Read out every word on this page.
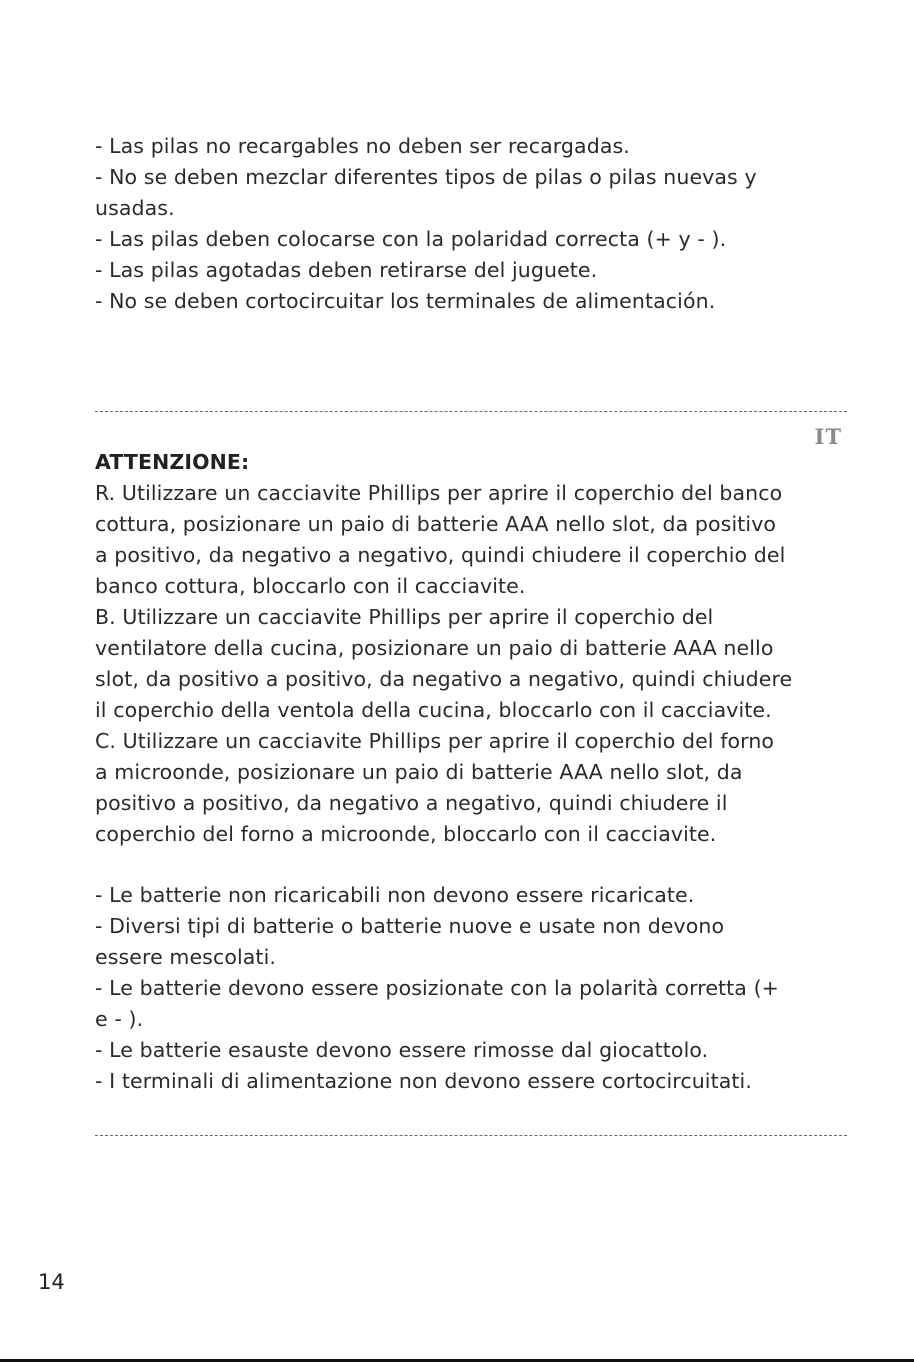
- Las pilas no recargables no deben ser recargadas.
- No se deben mezclar diferentes tipos de pilas o pilas nuevas y
usadas.
- Las pilas deben colocarse con la polaridad correcta (+ y - ).
- Las pilas agotadas deben retirarse del juguete.
- No se deben cortocircuitar los terminales de alimentación.
IT
ATTENZIONE:
R. Utilizzare un cacciavite Phillips per aprire il coperchio del banco
cottura, posizionare un paio di batterie AAA nello slot, da positivo
a positivo, da negativo a negativo, quindi chiudere il coperchio del
banco cottura, bloccarlo con il cacciavite.
B. Utilizzare un cacciavite Phillips per aprire il coperchio del
ventilatore della cucina, posizionare un paio di batterie AAA nello
slot, da positivo a positivo, da negativo a negativo, quindi chiudere
il coperchio della ventola della cucina, bloccarlo con il cacciavite.
C. Utilizzare un cacciavite Phillips per aprire il coperchio del forno
a microonde, posizionare un paio di batterie AAA nello slot, da
positivo a positivo, da negativo a negativo, quindi chiudere il
coperchio del forno a microonde, bloccarlo con il cacciavite.
- Le batterie non ricaricabili non devono essere ricaricate.
- Diversi tipi di batterie o batterie nuove e usate non devono
essere mescolati.
- Le batterie devono essere posizionate con la polarità corretta (+
e - ).
- Le batterie esauste devono essere rimosse dal giocattolo.
- I terminali di alimentazione non devono essere cortocircuitati.
14
